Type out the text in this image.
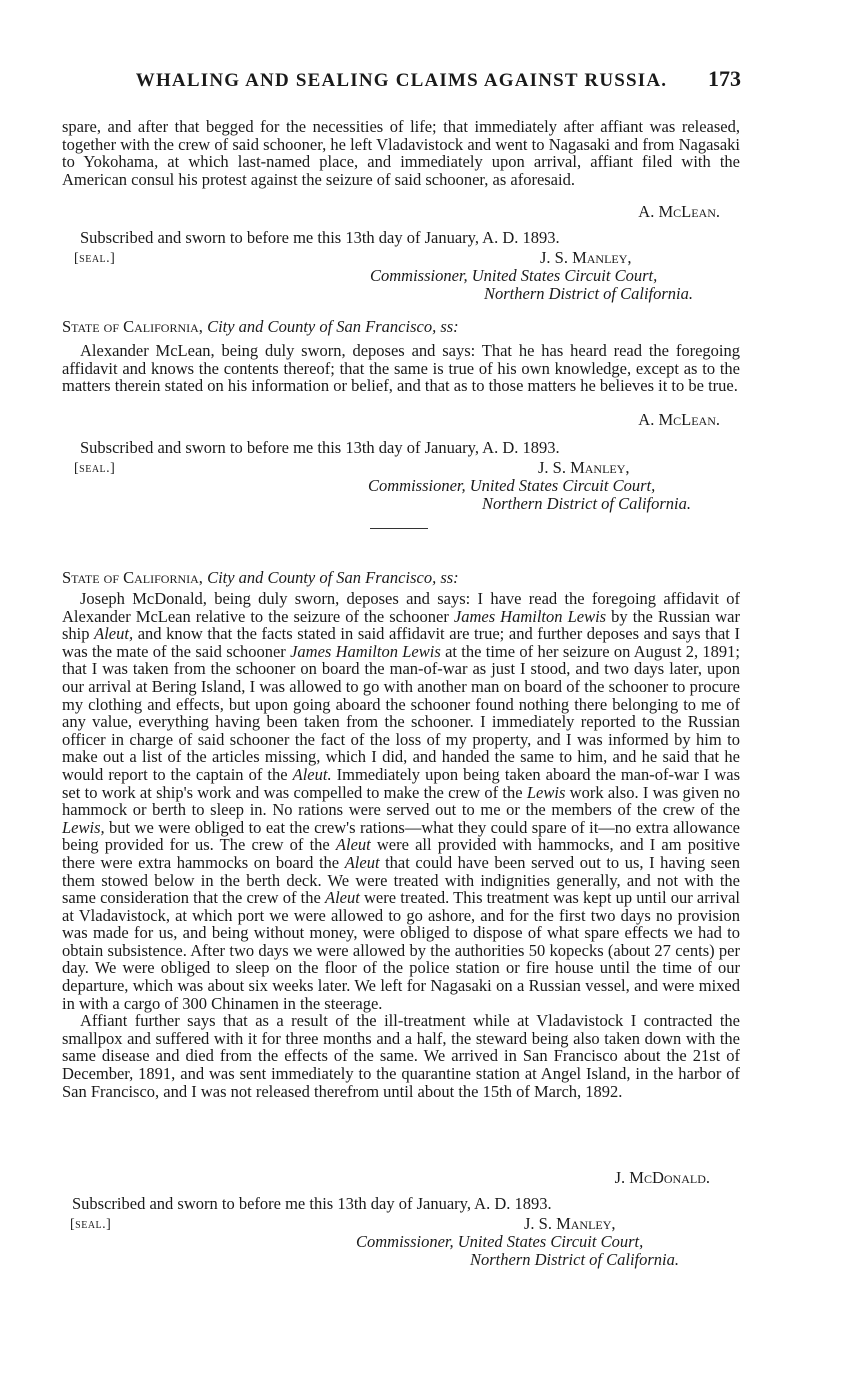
WHALING AND SEALING CLAIMS AGAINST RUSSIA.	173

spare, and after that begged for the necessities of life; that immediately after affiant was released, together with the crew of said schooner, he left Vladavistock and went to Nagasaki and from Nagasaki to Yokohama, at which last-named place, and immediately upon arrival, affiant filed with the American consul his protest against the seizure of said schooner, as aforesaid.

A. McLean.
Subscribed and sworn to before me this 13th day of January, A. D. 1893.
[seal.]	J. S. Manley,
Commissioner, United States Circuit Court,
Northern District of California.
State of California, City and County of San Francisco, ss:

Alexander McLean, being duly sworn, deposes and says: That he has heard read the foregoing affidavit and knows the contents thereof; that the same is true of his own knowledge, except as to the matters therein stated on his information or belief, and that as to those matters he believes it to be true.

A. McLean.
Subscribed and sworn to before me this 13th day of January, A. D. 1893.
[seal.]	J. S. Manley,
Commissioner, United States Circuit Court,
Northern District of California.
State of California, City and County of San Francisco, ss:

Joseph McDonald, being duly sworn, deposes and says: I have read the foregoing affidavit of Alexander McLean relative to the seizure of the schooner James Hamilton Lewis by the Russian war ship Aleut, and know that the facts stated in said affidavit are true; and further deposes and says that I was the mate of the said schooner James Hamilton Lewis at the time of her seizure on August 2, 1891; that I was taken from the schooner on board the man-of-war as just I stood, and two days later, upon our arrival at Bering Island, I was allowed to go with another man on board of the schooner to procure my clothing and effects, but upon going aboard the schooner found nothing there belonging to me of any value, everything having been taken from the schooner. I immediately reported to the Russian officer in charge of said schooner the fact of the loss of my property, and I was informed by him to make out a list of the articles missing, which I did, and handed the same to him, and he said that he would report to the captain of the Aleut. Immediately upon being taken aboard the man-of-war I was set to work at ship's work and was compelled to make the crew of the Lewis work also. I was given no hammock or berth to sleep in. No rations were served out to me or the members of the crew of the Lewis, but we were obliged to eat the crew's rations—what they could spare of it—no extra allowance being provided for us. The crew of the Aleut were all provided with hammocks, and I am positive there were extra hammocks on board the Aleut that could have been served out to us, I having seen them stowed below in the berth deck. We were treated with indignities generally, and not with the same consideration that the crew of the Aleut were treated. This treatment was kept up until our arrival at Vladavistock, at which port we were allowed to go ashore, and for the first two days no provision was made for us, and being without money, were obliged to dispose of what spare effects we had to obtain subsistence. After two days we were allowed by the authorities 50 kopecks (about 27 cents) per day. We were obliged to sleep on the floor of the police station or fire house until the time of our departure, which was about six weeks later. We left for Nagasaki on a Russian vessel, and were mixed in with a cargo of 300 Chinamen in the steerage.

Affiant further says that as a result of the ill-treatment while at Vladavistock I contracted the smallpox and suffered with it for three months and a half, the steward being also taken down with the same disease and died from the effects of the same. We arrived in San Francisco about the 21st of December, 1891, and was sent immediately to the quarantine station at Angel Island, in the harbor of San Francisco, and I was not released therefrom until about the 15th of March, 1892.

J. McDonald.
Subscribed and sworn to before me this 13th day of January, A. D. 1893.
[seal.]	J. S. Manley,
Commissioner, United States Circuit Court,
Northern District of California.
